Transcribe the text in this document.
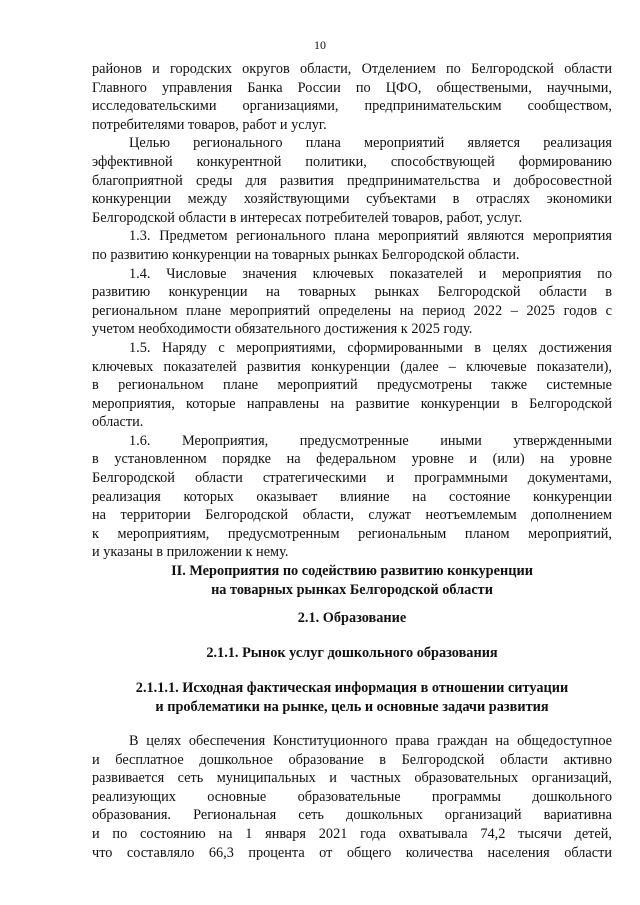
10
районов и городских округов области, Отделением по Белгородской области
Главного управления Банка России по ЦФО, обществеными, научными,
исследовательскими организациями, предпринимательским сообществом,
потребителями товаров, работ и услуг.
Целью регионального плана мероприятий является реализация
эффективной конкурентной политики, способствующей формированию
благоприятной среды для развития предпринимательства и добросовестной
конкуренции между хозяйствующими субъектами в отраслях экономики
Белгородской области в интересах потребителей товаров, работ, услуг.
1.3. Предметом регионального плана мероприятий являются мероприятия
по развитию конкуренции на товарных рынках Белгородской области.
1.4. Числовые значения ключевых показателей и мероприятия по
развитию конкуренции на товарных рынках Белгородской области в
региональном плане мероприятий определены на период 2022 – 2025 годов с
учетом необходимости обязательного достижения к 2025 году.
1.5. Наряду с мероприятиями, сформированными в целях достижения
ключевых показателей развития конкуренции (далее – ключевые показатели),
в региональном плане мероприятий предусмотрены также системные
мероприятия, которые направлены на развитие конкуренции в Белгородской
области.
1.6. Мероприятия, предусмотренные иными утвержденными
в установленном порядке на федеральном уровне и (или) на уровне
Белгородской области стратегическими и программными документами,
реализация которых оказывает влияние на состояние конкуренции
на территории Белгородской области, служат неотъемлемым дополнением
к мероприятиям, предусмотренным региональным планом мероприятий,
и указаны в приложении к нему.
II. Мероприятия по содействию развитию конкуренции
на товарных рынках Белгородской области
2.1. Образование
2.1.1. Рынок услуг дошкольного образования
2.1.1.1. Исходная фактическая информация в отношении ситуации
и проблематики на рынке, цель и основные задачи развития
В целях обеспечения Конституционного права граждан на общедоступное
и бесплатное дошкольное образование в Белгородской области активно
развивается сеть муниципальных и частных образовательных организаций,
реализующих основные образовательные программы дошкольного
образования. Региональная сеть дошкольных организаций вариативна
и по состоянию на 1 января 2021 года охватывала 74,2 тысячи детей,
что составляло 66,3 процента от общего количества населения области
